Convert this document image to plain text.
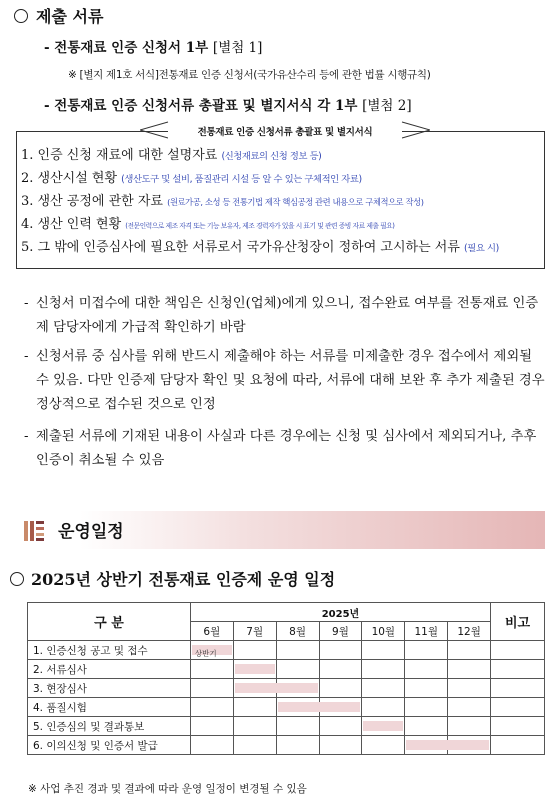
제출 서류
- 전통재료 인증 신청서 1부 [별첨 1]
※ [별지 제1호 서식]전통재료 인증 신청서(국가유산수리 등에 관한 법률 시행규칙)
- 전통재료 인증 신청서류 총괄표 및 별지서식 각 1부 [별첨 2]
전통재료 인증 신청서류 총괄표 및 별지서식
1. 인증 신청 재료에 대한 설명자료 (신청재료의 신청 정보 등)
2. 생산시설 현황 (생산도구 및 설비, 품질관리 시설 등 알 수 있는 구체적인 자료)
3. 생산 공정에 관한 자료 (원료가공, 소성 등 전통기법 제작 핵심공정 관련 내용으로 구체적으로 작성)
4. 생산 인력 현황 (전문인력으로 제조 자격 또는 기능 보유자, 제조 경력자가 있을 시 표기 및 관련 증빙 자료 제출 필요)
5. 그 밖에 인증심사에 필요한 서류로서 국가유산청장이 정하여 고시하는 서류 (필요 시)
- 신청서 미접수에 대한 책임은 신청인(업체)에게 있으니, 접수완료 여부를 전통재료 인증제 담당자에게 가급적 확인하기 바람
- 신청서류 중 심사를 위해 반드시 제출해야 하는 서류를 미제출한 경우 접수에서 제외될 수 있음. 다만 인증제 담당자 확인 및 요청에 따라, 서류에 대해 보완 후 추가 제출된 경우 정상적으로 접수된 것으로 인정
- 제출된 서류에 기재된 내용이 사실과 다른 경우에는 신청 및 심사에서 제외되거나, 추후 인증이 취소될 수 있음
운영일정
2025년 상반기 전통재료 인증제 운영 일정
구 분	2025년							비고
	6월	7월	8월	9월	10월	11월	12월	
1. 인증신청 공고 및 접수	상반기							

2. 서류심사		

3. 현장심사		

4. 품질시험			

5. 인증심의 및 결과통보					

6. 이의신청 및 인증서 발급						

※ 사업 추진 경과 및 결과에 따라 운영 일정이 변경될 수 있음
